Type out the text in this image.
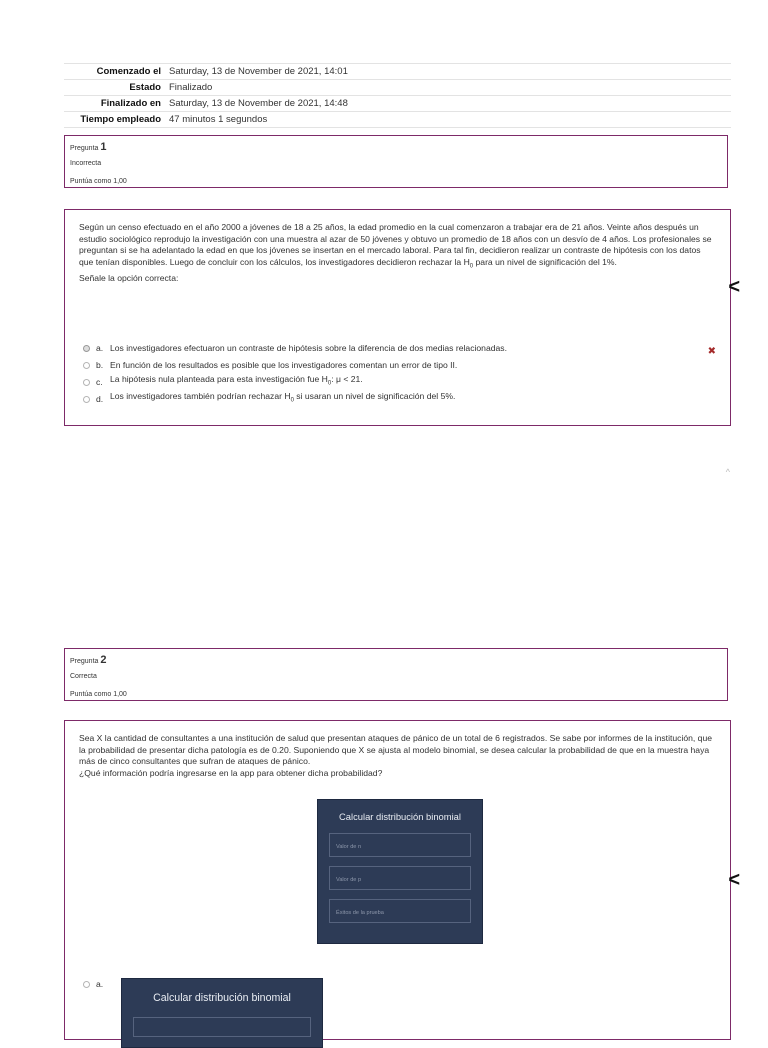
Comenzado el Saturday, 13 de November de 2021, 14:01
Estado Finalizado
Finalizado en Saturday, 13 de November de 2021, 14:48
Tiempo empleado 47 minutos 1 segundos
Pregunta 1
Incorrecta
Puntúa como 1,00

Según un censo efectuado en el año 2000 a jóvenes de 18 a 25 años, la edad promedio en la cual comenzaron a trabajar era de 21 años. Veinte años después un estudio sociológico reprodujo la investigación con una muestra al azar de 50 jóvenes y obtuvo un promedio de 18 años con un desvío de 4 años. Los profesionales se preguntan si se ha adelantado la edad en que los jóvenes se insertan en el mercado laboral. Para tal fin, decidieron realizar un contraste de hipótesis con los datos que tenían disponibles. Luego de concluir con los cálculos, los investigadores decidieron rechazar la $H_0$ para un nivel de significación del 1%.

Señale la opción correcta:

a. Los investigadores efectuaron un contraste de hipótesis sobre la diferencia de dos medias relacionadas.
b. En función de los resultados es posible que los investigadores comentan un error de tipo II.
c. La hipótesis nula planteada para esta investigación fue $H_0$: μ < 21.
d. Los investigadores también podrían rechazar $H_0$ si usaran un nivel de significación del 5%.
✖
<
^
Pregunta 2
Correcta
Puntúa como 1,00

Sea X la cantidad de consultantes a una institución de salud que presentan ataques de pánico de un total de 6 registrados. Se sabe por informes de la institución, que la probabilidad de presentar dicha patología es de 0.20. Suponiendo que X se ajusta al modelo binomial, se desea calcular la probabilidad de que en la muestra haya más de cinco consultantes que sufran de ataques de pánico.

¿Qué información podría ingresarse en la app para obtener dicha probabilidad?

Calcular distribución binomial
Valor de n
Valor de p
Éxitos de la prueba
a.
Calcular distribución binomial
<
